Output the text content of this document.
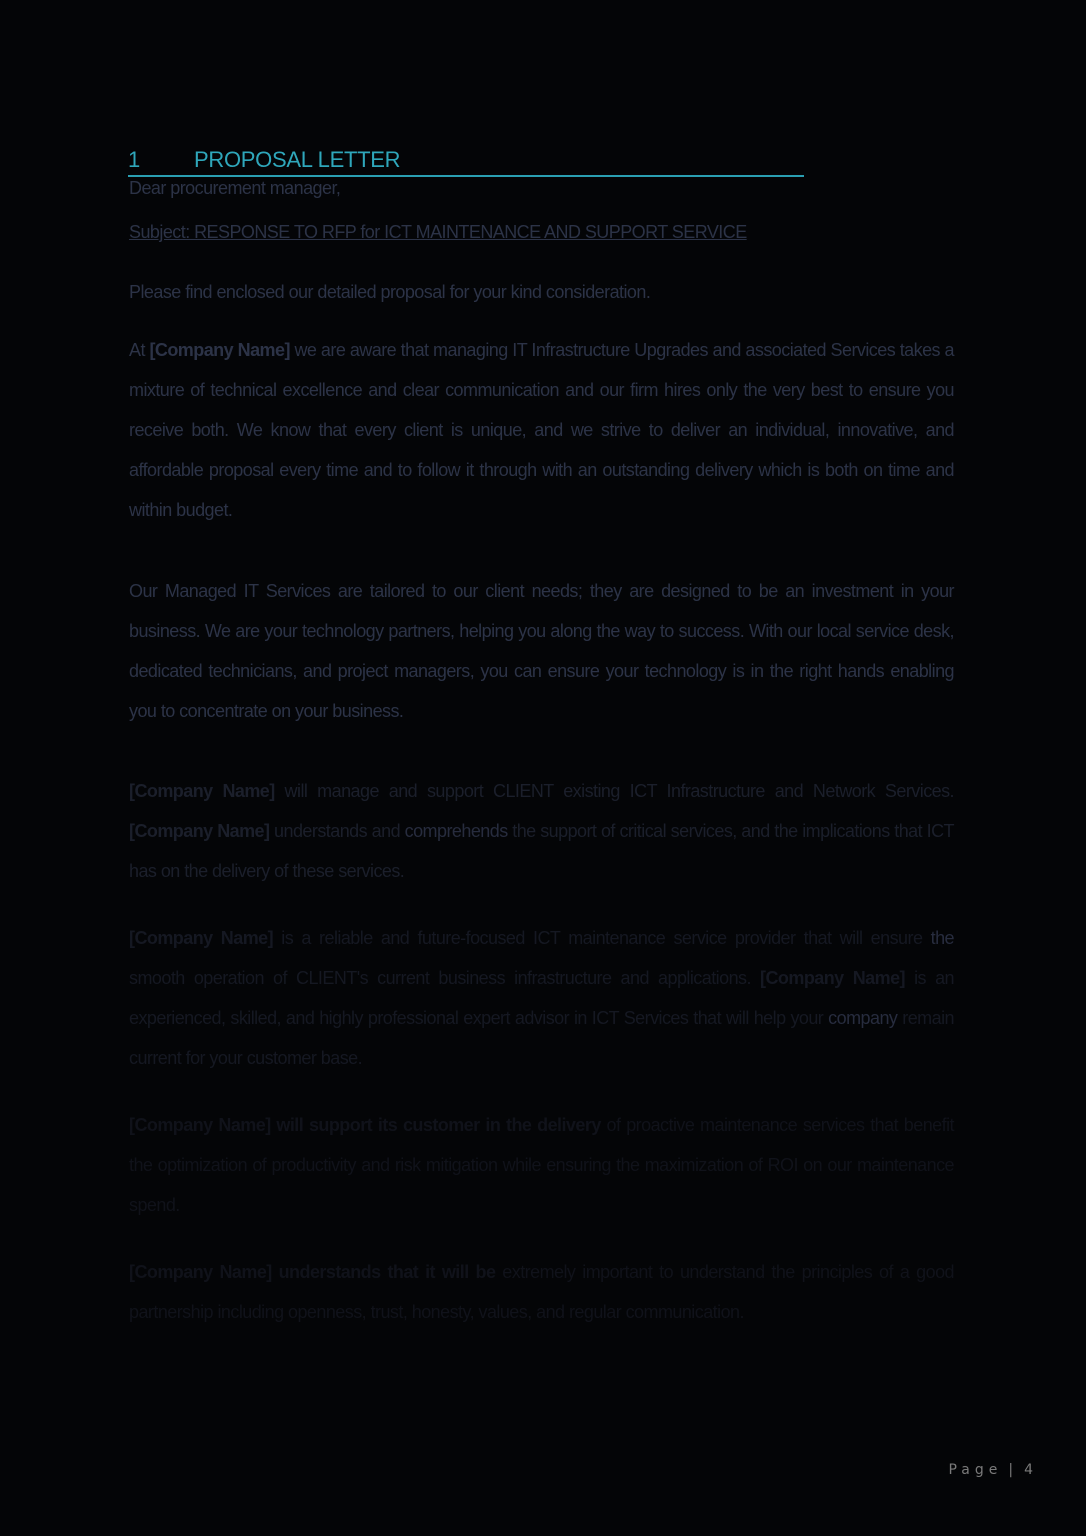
1 PROPOSAL LETTER

Dear procurement manager,

Subject: RESPONSE TO RFP for ICT MAINTENANCE AND SUPPORT SERVICE

Please find enclosed our detailed proposal for your kind consideration.

At [Company Name] we are aware that managing IT Infrastructure Upgrades and associated Services takes a mixture of technical excellence and clear communication and our firm hires only the very best to ensure you receive both. We know that every client is unique, and we strive to deliver an individual, innovative, and affordable proposal every time and to follow it through with an outstanding delivery which is both on time and within budget.

Our Managed IT Services are tailored to our client needs; they are designed to be an investment in your business. We are your technology partners, helping you along the way to success. With our local service desk, dedicated technicians, and project managers, you can ensure your technology is in the right hands enabling you to concentrate on your business.

[Company Name] will manage and support CLIENT existing ICT Infrastructure and Network Services. [Company Name] understands and comprehends the support of critical services, and the implications that ICT has on the delivery of these services.

[Company Name] is a reliable and future-focused ICT maintenance service provider that will ensure the smooth operation of CLIENT's current business infrastructure and applications. [Company Name] is an experienced, skilled, and highly professional expert advisor in ICT Services that will help your company remain current for your customer base.

[Company Name] will support its customer in the delivery of proactive maintenance services that benefit the optimization of productivity and risk mitigation while ensuring the maximization of ROI on our maintenance spend.

[Company Name] understands that it will be extremely important to understand the principles of a good partnership including openness, trust, honesty, values, and regular communication.

Page | 4
